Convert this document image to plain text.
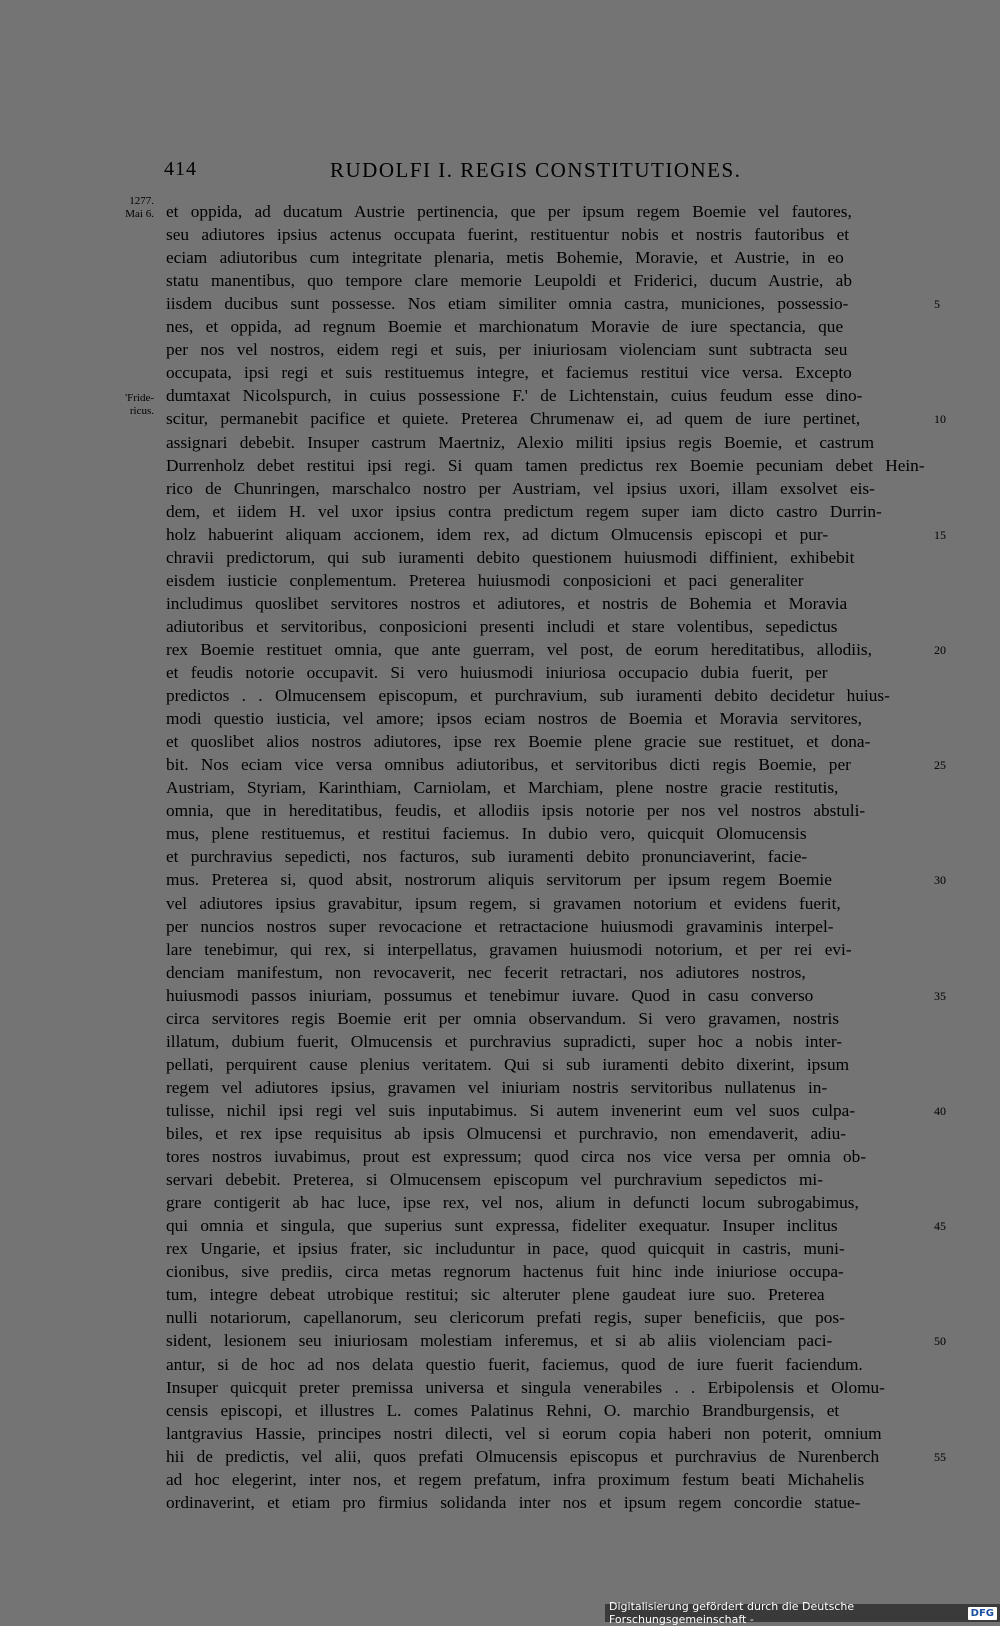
414	RUDOLFI I. REGIS CONSTITUTIONES.
1277.
Mai 6.
'Fride-
ricus.
et oppida, ad ducatum Austrie pertinencia, que per ipsum regem Boemie vel fautores,
seu adiutores ipsius actenus occupata fuerint, restituentur nobis et nostris fautoribus et
eciam adiutoribus cum integritate plenaria, metis Bohemie, Moravie, et Austrie, in eo
statu manentibus, quo tempore clare memorie Leupoldi et Friderici, ducum Austrie, ab
iisdem ducibus sunt possesse. Nos etiam similiter omnia castra, municiones, possessio-
nes, et oppida, ad regnum Boemie et marchionatum Moravie de iure spectancia, que
per nos vel nostros, eidem regi et suis, per iniuriosam violenciam sunt subtracta seu
occupata, ipsi regi et suis restituemus integre, et faciemus restitui vice versa. Excepto
dumtaxat Nicolspurch, in cuius possessione F.' de Lichtenstain, cuius feudum esse dino-
scitur, permanebit pacifice et quiete. Preterea Chrumenaw ei, ad quem de iure pertinet,
assignari debebit. Insuper castrum Maertniz, Alexio militi ipsius regis Boemie, et castrum
Durrenholz debet restitui ipsi regi. Si quam tamen predictus rex Boemie pecuniam debet Hein-
rico de Chunringen, marschalco nostro per Austriam, vel ipsius uxori, illam exsolvet eis-
dem, et iidem H. vel uxor ipsius contra predictum regem super iam dicto castro Durrin-
holz habuerint aliquam accionem, idem rex, ad dictum Olmucensis episcopi et pur-
chravii predictorum, qui sub iuramenti debito questionem huiusmodi diffinient, exhibebit
eisdem iusticie conplementum. Preterea huiusmodi conposicioni et paci generaliter
includimus quoslibet servitores nostros et adiutores, et nostris de Bohemia et Moravia
adiutoribus et servitoribus, conposicioni presenti includi et stare volentibus, sepedictus
rex Boemie restituet omnia, que ante guerram, vel post, de eorum hereditatibus, allodiis,
et feudis notorie occupavit. Si vero huiusmodi iniuriosa occupacio dubia fuerit, per
predictos . . Olmucensem episcopum, et purchravium, sub iuramenti debito decidetur huius-
modi questio iusticia, vel amore; ipsos eciam nostros de Boemia et Moravia servitores,
et quoslibet alios nostros adiutores, ipse rex Boemie plene gracie sue restituet, et dona-
bit. Nos eciam vice versa omnibus adiutoribus, et servitoribus dicti regis Boemie, per
Austriam, Styriam, Karinthiam, Carniolam, et Marchiam, plene nostre gracie restitutis,
omnia, que in hereditatibus, feudis, et allodiis ipsis notorie per nos vel nostros abstuli-
mus, plene restituemus, et restitui faciemus. In dubio vero, quicquit Olomucensis
et purchravius sepedicti, nos facturos, sub iuramenti debito pronunciaverint, facie-
mus. Preterea si, quod absit, nostrorum aliquis servitorum per ipsum regem Boemie
vel adiutores ipsius gravabitur, ipsum regem, si gravamen notorium et evidens fuerit,
per nuncios nostros super revocacione et retractacione huiusmodi gravaminis interpel-
lare tenebimur, qui rex, si interpellatus, gravamen huiusmodi notorium, et per rei evi-
denciam manifestum, non revocaverit, nec fecerit retractari, nos adiutores nostros,
huiusmodi passos iniuriam, possumus et tenebimur iuvare. Quod in casu converso
circa servitores regis Boemie erit per omnia observandum. Si vero gravamen, nostris
illatum, dubium fuerit, Olmucensis et purchravius supradicti, super hoc a nobis inter-
pellati, perquirent cause plenius veritatem. Qui si sub iuramenti debito dixerint, ipsum
regem vel adiutores ipsius, gravamen vel iniuriam nostris servitoribus nullatenus in-
tulisse, nichil ipsi regi vel suis inputabimus. Si autem invenerint eum vel suos culpa-
biles, et rex ipse requisitus ab ipsis Olmucensi et purchravio, non emendaverit, adiu-
tores nostros iuvabimus, prout est expressum; quod circa nos vice versa per omnia ob-
servari debebit. Preterea, si Olmucensem episcopum vel purchravium sepedictos mi-
grare contigerit ab hac luce, ipse rex, vel nos, alium in defuncti locum subrogabimus,
qui omnia et singula, que superius sunt expressa, fideliter exequatur. Insuper inclitus
rex Ungarie, et ipsius frater, sic includuntur in pace, quod quicquit in castris, muni-
cionibus, sive prediis, circa metas regnorum hactenus fuit hinc inde iniuriose occupa-
tum, integre debeat utrobique restitui; sic alteruter plene gaudeat iure suo. Preterea
nulli notariorum, capellanorum, seu clericorum prefati regis, super beneficiis, que pos-
sident, lesionem seu iniuriosam molestiam inferemus, et si ab aliis violenciam paci-
antur, si de hoc ad nos delata questio fuerit, faciemus, quod de iure fuerit faciendum.
Insuper quicquit preter premissa universa et singula venerabiles . . Erbipolensis et Olomu-
censis episcopi, et illustres L. comes Palatinus Rehni, O. marchio Brandburgensis, et
lantgravius Hassie, principes nostri dilecti, vel si eorum copia haberi non poterit, omnium
hii de predictis, vel alii, quos prefati Olmucensis episcopus et purchravius de Nurenberch
ad hoc elegerint, inter nos, et regem prefatum, infra proximum festum beati Michahelis
ordinaverint, et etiam pro firmius solidanda inter nos et ipsum regem concordie statue-
5
10
15
20
25
30
35
40
45
50
55
Digitalisierung gefördert durch die Deutsche Forschungsgemeinschaft -	DFG
